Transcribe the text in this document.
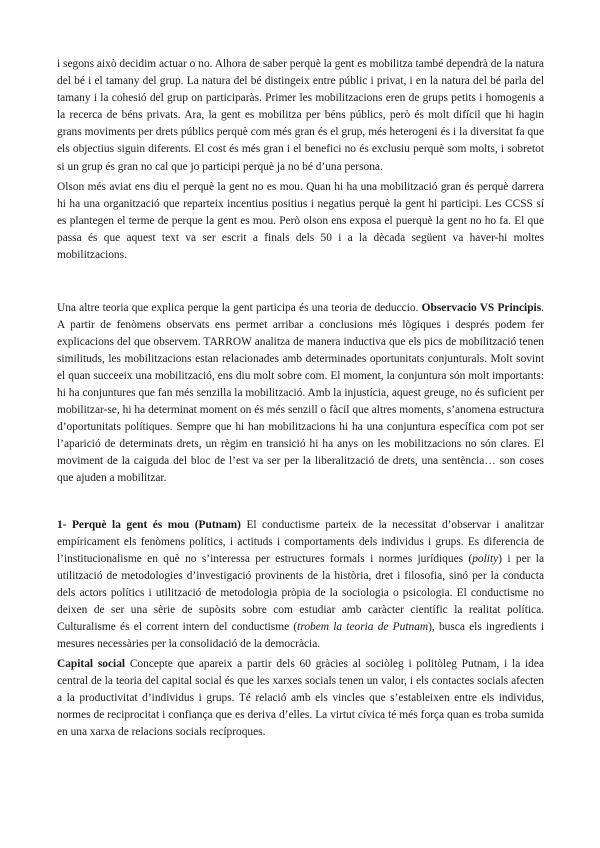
i segons això decidim actuar o no. Alhora de saber perquè la gent es mobilitza també dependrà de la natura del bé i el tamany del grup. La natura del bé distingeix entre públic i privat, i en la natura del bé parla del tamany i la cohesió del grup on participaràs. Primer les mobilitzacions eren de grups petits i homogenis a la recerca de béns privats. Ara, la gent es mobilitza per béns públics, però és molt difícil que hi hagin grans moviments per drets públics perquè com més gran és el grup, més heterogeni és i la diversitat fa que els objectius siguin diferents. El cost és més gran i el benefici no és exclusiu perquè som molts, i sobretot si un grup és gran no cal que jo participi perquè ja no bé d’una persona.

Olson més aviat ens diu el perquè la gent no es mou. Quan hi ha una mobilització gran és perquè darrera hi ha una organització que reparteix incentius positius i negatius perquè la gent hi participi. Les CCSS sí es plantegen el terme de perque la gent es mou. Però olson ens exposa el puerquè la gent no ho fa. El que passa és que aquest text va ser escrit a finals dels 50 i a la dècada següent va haver-hi moltes mobilitzacions.

Una altre teoria que explica perque la gent participa és una teoria de deduccio. Observacio VS Principis. A partir de fenòmens observats ens permet arribar a conclusions més lògiques i després podem fer explicacions del que observem. TARROW analitza de manera inductiva que els pics de mobilització tenen similituds, les mobilitzacions estan relacionades amb determinades oportunitats conjunturals. Molt sovint el quan succeeix una mobilització, ens diu molt sobre com. El moment, la conjuntura són molt importants: hi ha conjuntures que fan més senzilla la mobilització. Amb la injustícia, aquest greuge, no és suficient per mobilitzar-se, hi ha determinat moment on és més senzill o fàcil que altres moments, s’anomena estructura d’oportunitats polítiques. Sempre que hi han mobilitzacions hi ha una conjuntura específica com pot ser l’aparició de determinats drets, un règim en transició hi ha anys on les mobilitzacions no són clares. El moviment de la caiguda del bloc de l’est va ser per la liberalització de drets, una sentència… son coses que ajuden a mobilitzar.

1- Perquè la gent és mou (Putnam) El conductisme parteix de la necessitat d’observar i analitzar empíricament els fenòmens polítics, i actituds i comportaments dels individus i grups. Es diferencia de l’institucionalisme en què no s’interessa per estructures formals i normes jurídiques (polity) i per la utilització de metodologies d’investigació provinents de la història, dret i filosofia, sinó per la conducta dels actors polítics i utilització de metodologia pròpia de la sociologia o psicologia. El conductisme no deixen de ser una sèrie de supòsits sobre com estudiar amb caràcter científic la realitat política. Culturalisme és el corrent intern del conductisme (trobem la teoria de Putnam), busca els ingredients i mesures necessàries per la consolidació de la democràcia.

Capital social Concepte que apareix a partir dels 60 gràcies al sociòleg i politòleg Putnam, i la idea central de la teoria del capital social és que les xarxes socials tenen un valor, i els contactes socials afecten a la productivitat d’individus i grups. Té relació amb els vincles que s’estableixen entre els individus, normes de reciprocitat i confiança que es deriva d’elles. La virtut cívica té més força quan es troba sumida en una xarxa de relacions socials recíproques.
